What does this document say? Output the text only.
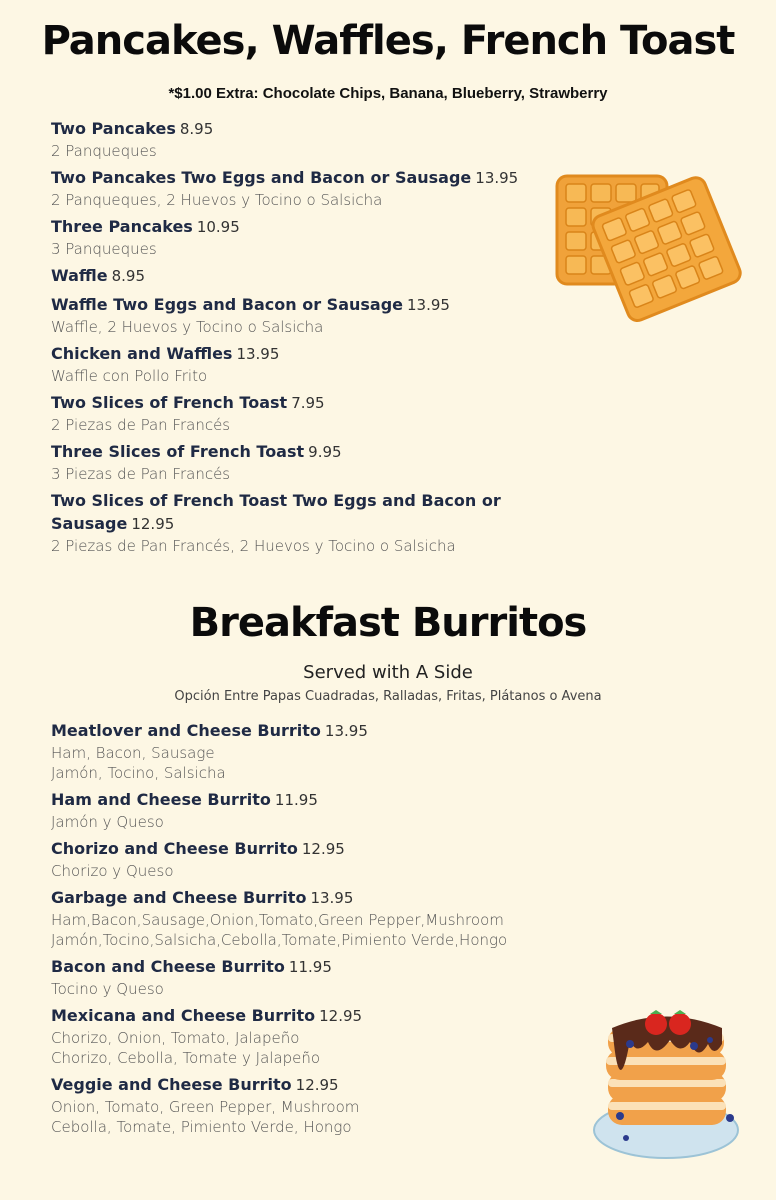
Pancakes, Waffles, French Toast
*$1.00 Extra: Chocolate Chips, Banana, Blueberry, Strawberry
Two Pancakes 8.95
2 Panqueques
Two Pancakes Two Eggs and Bacon or Sausage 13.95
2 Panqueques, 2 Huevos y Tocino o Salsicha
Three Pancakes 10.95
3 Panqueques
Waffle 8.95
Waffle Two Eggs and Bacon or Sausage 13.95
Waffle, 2 Huevos y Tocino o Salsicha
Chicken and Waffles 13.95
Waffle con Pollo Frito
Two Slices of French Toast 7.95
2 Piezas de Pan Francés
Three Slices of French Toast 9.95
3 Piezas de Pan Francés
Two Slices of French Toast Two Eggs and Bacon or Sausage 12.95
2 Piezas de Pan Francés, 2 Huevos y Tocino o Salsicha
Breakfast Burritos
Served with A Side
Opción Entre Papas Cuadradas, Ralladas, Fritas, Plátanos o Avena
Meatlover and Cheese Burrito 13.95
Ham, Bacon, Sausage
Jamón, Tocino, Salsicha
Ham and Cheese Burrito 11.95
Jamón y Queso
Chorizo and Cheese Burrito 12.95
Chorizo y Queso
Garbage and Cheese Burrito 13.95
Ham,Bacon,Sausage,Onion,Tomato,Green Pepper,Mushroom
Jamón,Tocino,Salsicha,Cebolla,Tomate,Pimiento Verde,Hongo
Bacon and Cheese Burrito 11.95
Tocino y Queso
Mexicana and Cheese Burrito 12.95
Chorizo, Onion, Tomato, Jalapeño
Chorizo, Cebolla, Tomate y Jalapeño
Veggie and Cheese Burrito 12.95
Onion, Tomato, Green Pepper, Mushroom
Cebolla, Tomate, Pimiento Verde, Hongo
